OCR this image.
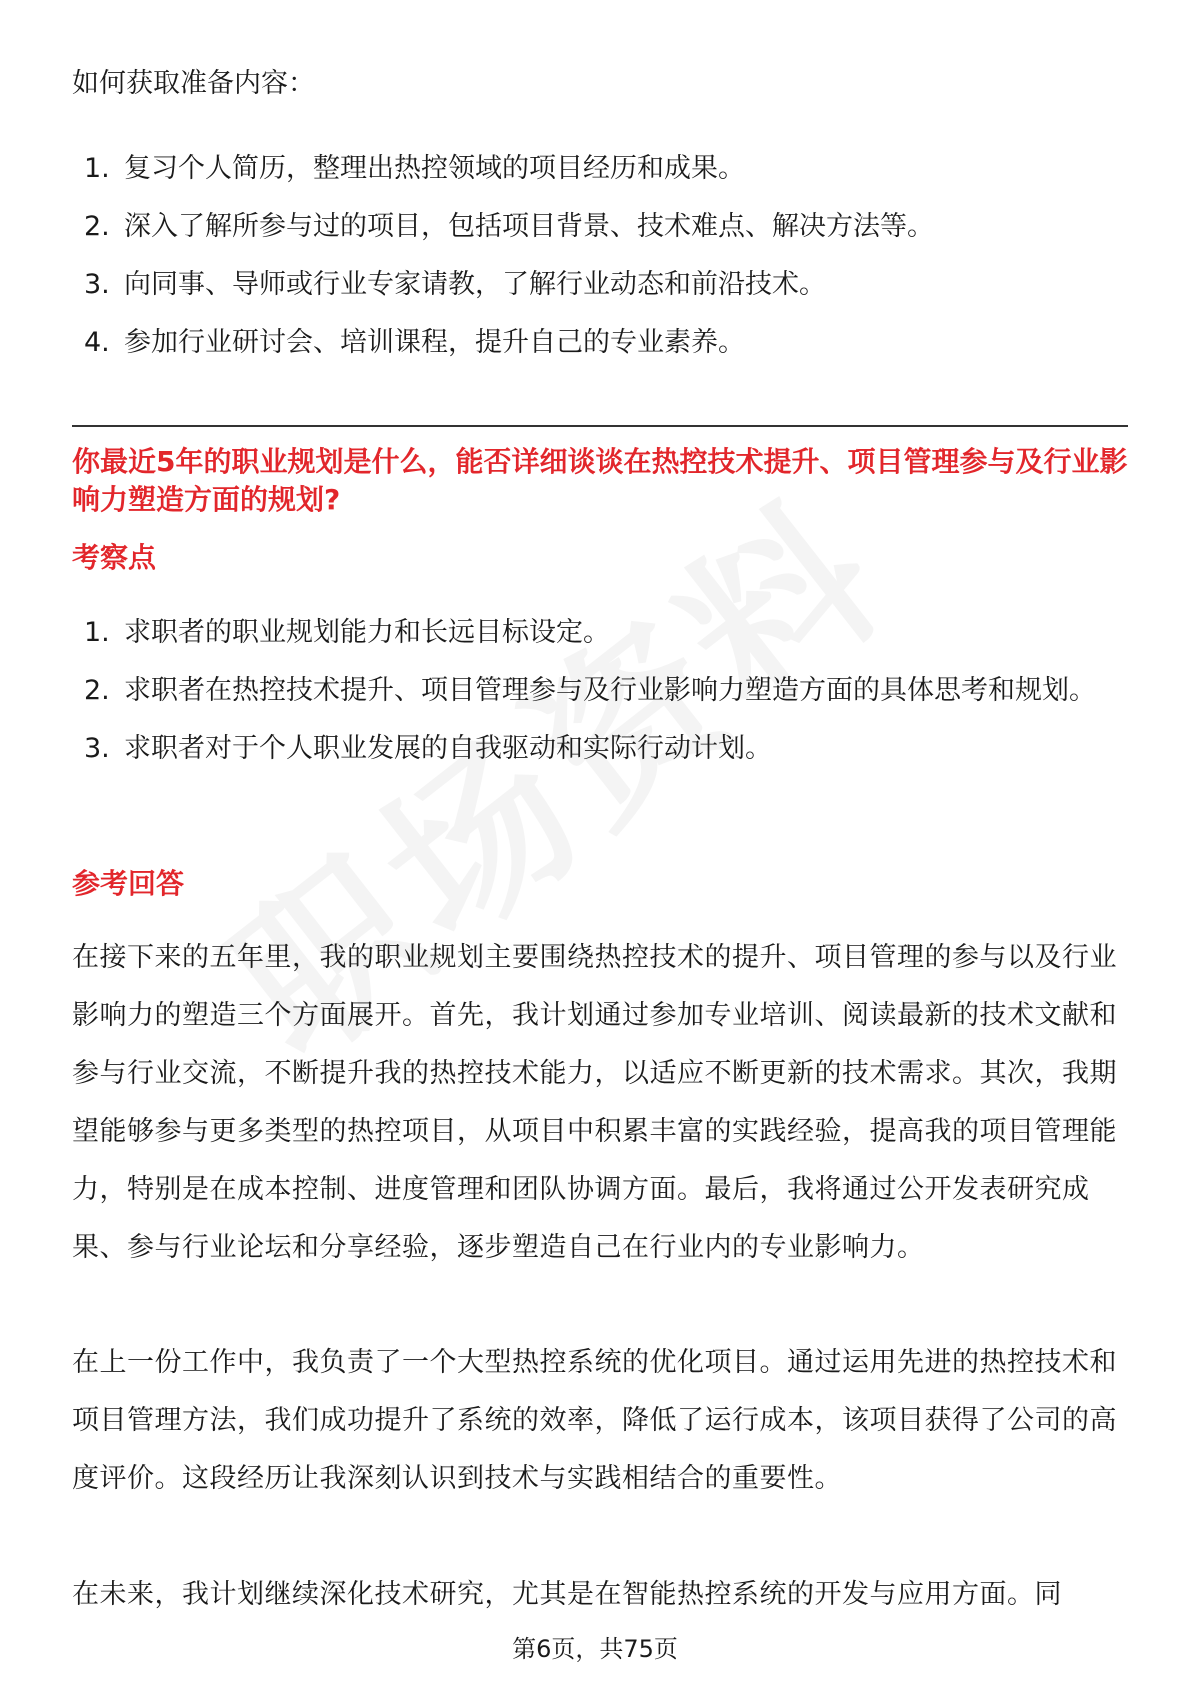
如何获取准备内容：

1. 复习个人简历，整理出热控领域的项目经历和成果。
2. 深入了解所参与过的项目，包括项目背景、技术难点、解决方法等。
3. 向同事、导师或行业专家请教，了解行业动态和前沿技术。
4. 参加行业研讨会、培训课程，提升自己的专业素养。
你最近5年的职业规划是什么，能否详细谈谈在热控技术提升、项目管理参与及行业影响力塑造方面的规划?
考察点
1. 求职者的职业规划能力和长远目标设定。
2. 求职者在热控技术提升、项目管理参与及行业影响力塑造方面的具体思考和规划。
3. 求职者对于个人职业发展的自我驱动和实际行动计划。
参考回答

在接下来的五年里，我的职业规划主要围绕热控技术的提升、项目管理的参与以及行业影响力的塑造三个方面展开。首先，我计划通过参加专业培训、阅读最新的技术文献和参与行业交流，不断提升我的热控技术能力，以适应不断更新的技术需求。其次，我期望能够参与更多类型的热控项目，从项目中积累丰富的实践经验，提高我的项目管理能力，特别是在成本控制、进度管理和团队协调方面。最后，我将通过公开发表研究成果、参与行业论坛和分享经验，逐步塑造自己在行业内的专业影响力。

在上一份工作中，我负责了一个大型热控系统的优化项目。通过运用先进的热控技术和项目管理方法，我们成功提升了系统的效率，降低了运行成本，该项目获得了公司的高度评价。这段经历让我深刻认识到技术与实践相结合的重要性。

在未来，我计划继续深化技术研究，尤其是在智能热控系统的开发与应用方面。同

第6页，共75页
